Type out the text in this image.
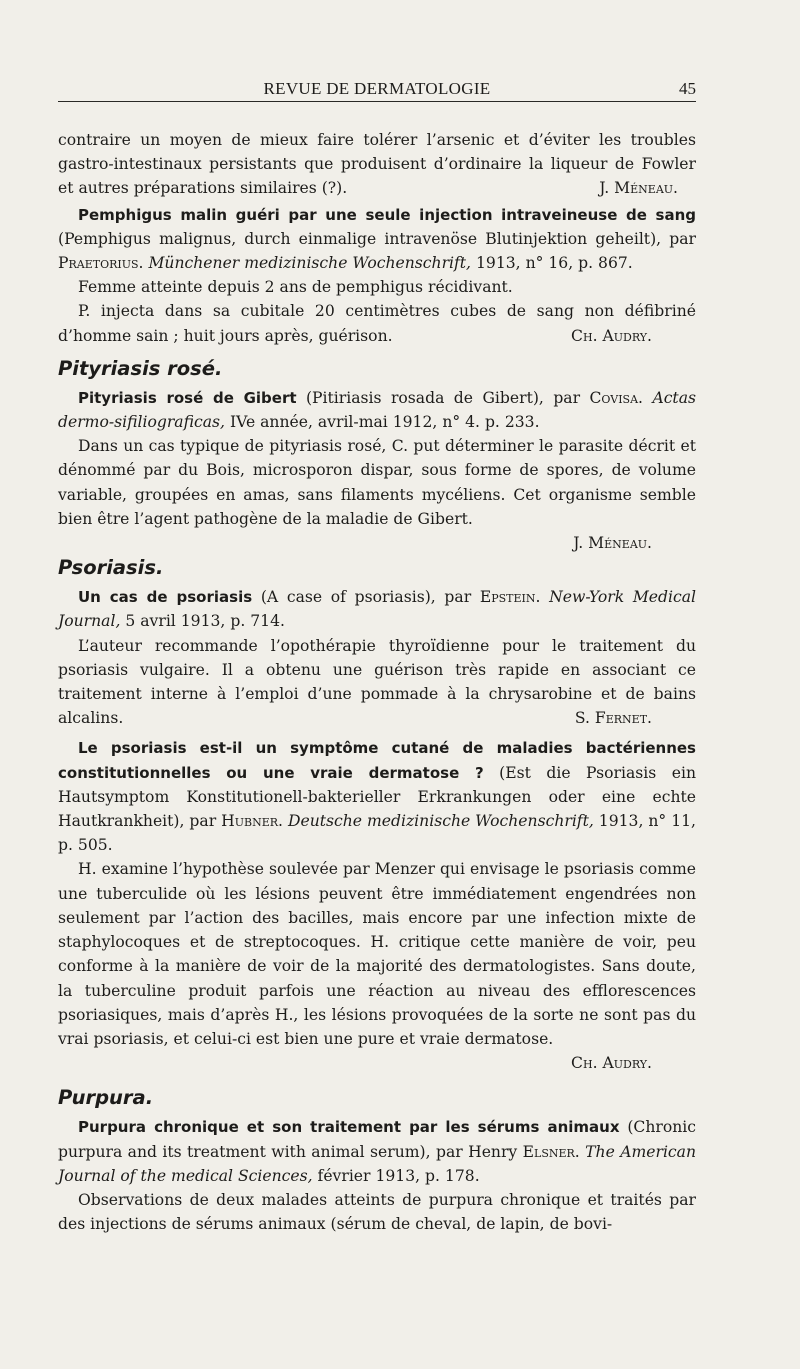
REVUE DE DERMATOLOGIE	45

contraire un moyen de mieux faire tolérer l’arsenic et d’éviter les troubles gastro-intestinaux persistants que produisent d’ordinaire la liqueur de Fowler et autres préparations similaires (?).	J. Méneau.

Pemphigus malin guéri par une seule injection intraveineuse de sang (Pemphigus malignus, durch einmalige intravenöse Blutinjektion geheilt), par Praetorius. Münchener medizinische Wochenschrift, 1913, n° 16, p. 867.

Femme atteinte depuis 2 ans de pemphigus récidivant.

P. injecta dans sa cubitale 20 centimètres cubes de sang non défibriné d’homme sain ; huit jours après, guérison.	Ch. Audry.

Pityriasis rosé.

Pityriasis rosé de Gibert (Pitiriasis rosada de Gibert), par Covisa. Actas dermo-sifiliograficas, IVe année, avril-mai 1912, n° 4. p. 233.

Dans un cas typique de pityriasis rosé, C. put déterminer le parasite décrit et dénommé par du Bois, microsporon dispar, sous forme de spores, de volume variable, groupées en amas, sans filaments mycéliens. Cet organisme semble bien être l’agent pathogène de la maladie de Gibert.

J. Méneau.
Psoriasis.

Un cas de psoriasis (A case of psoriasis), par Epstein. New-York Medical Journal, 5 avril 1913, p. 714.

L’auteur recommande l’opothérapie thyroïdienne pour le traitement du psoriasis vulgaire. Il a obtenu une guérison très rapide en associant ce traitement interne à l’emploi d’une pommade à la chrysarobine et de bains alcalins.	S. Fernet.

Le psoriasis est-il un symptôme cutané de maladies bactériennes constitutionnelles ou une vraie dermatose ? (Est die Psoriasis ein Hautsymptom Konstitutionell-bakterieller Erkrankungen oder eine echte Hautkrankheit), par Hubner. Deutsche medizinische Wochenschrift, 1913, n° 11, p. 505.

H. examine l’hypothèse soulevée par Menzer qui envisage le psoriasis comme une tuberculide où les lésions peuvent être immédiatement engendrées non seulement par l’action des bacilles, mais encore par une infection mixte de staphylocoques et de streptocoques. H. critique cette manière de voir, peu conforme à la manière de voir de la majorité des dermatologistes. Sans doute, la tuberculine produit parfois une réaction au niveau des efflorescences psoriasiques, mais d’après H., les lésions provoquées de la sorte ne sont pas du vrai psoriasis, et celui-ci est bien une pure et vraie dermatose.
Ch. Audry.

Purpura.

Purpura chronique et son traitement par les sérums animaux (Chronic purpura and its treatment with animal serum), par Henry Elsner. The American Journal of the medical Sciences, février 1913, p. 178.

Observations de deux malades atteints de purpura chronique et traités par des injections de sérums animaux (sérum de cheval, de lapin, de bovi-
